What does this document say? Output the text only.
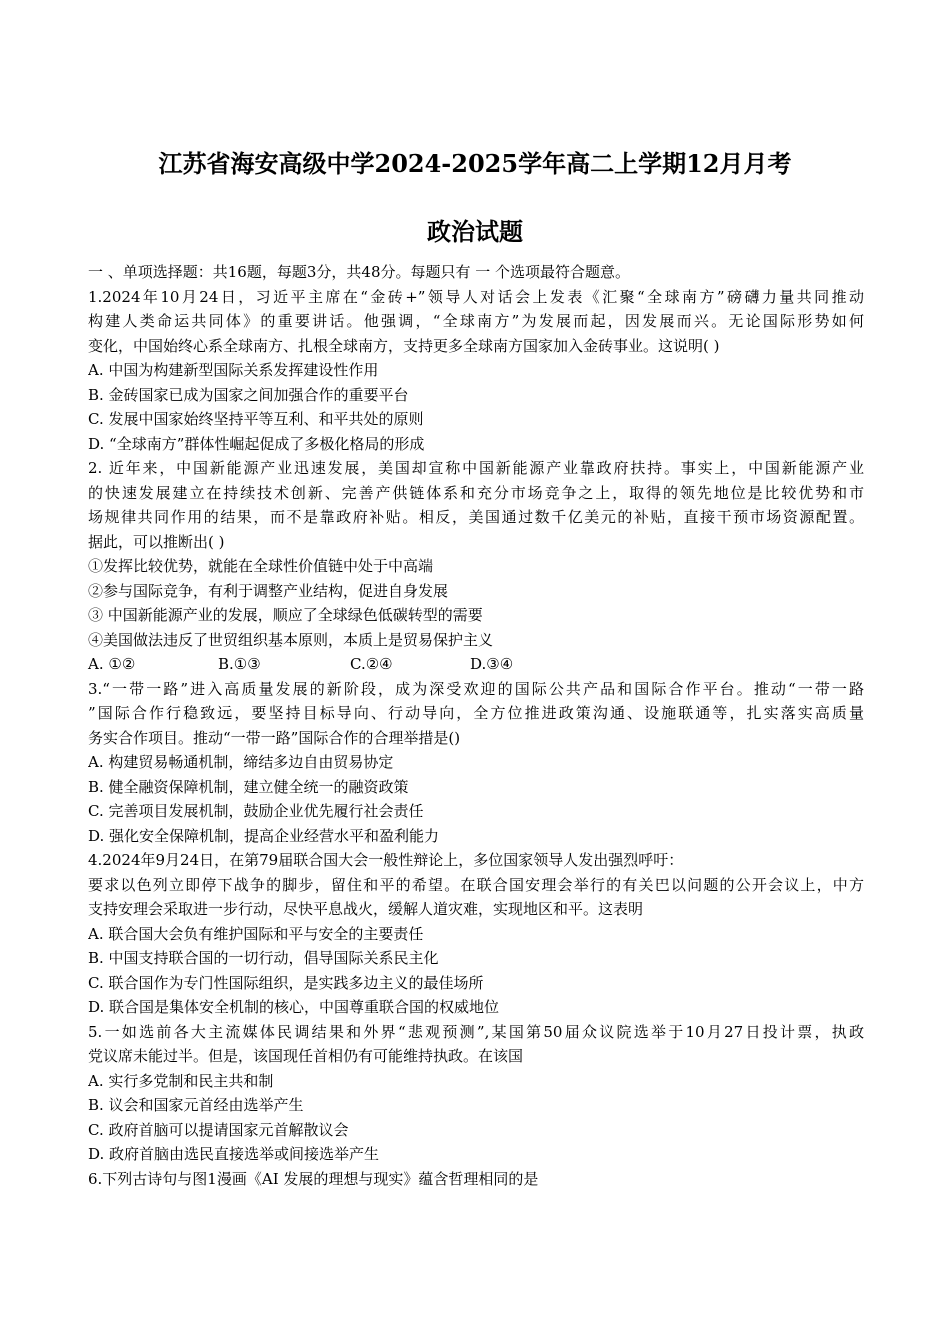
江苏省海安高级中学2024-2025学年高二上学期12月月考
政治试题
一 、单项选择题：共16题，每题3分，共48分。每题只有 一 个选项最符合题意。
1.2024年10月24日，习近平主席在“金砖+”领导人对话会上发表《汇聚“全球南方”磅礴力量共同推动
构建人类命运共同体》的重要讲话。他强调，“全球南方”为发展而起，因发展而兴。无论国际形势如何
变化，中国始终心系全球南方、扎根全球南方，支持更多全球南方国家加入金砖事业。这说明( )
A. 中国为构建新型国际关系发挥建设性作用
B. 金砖国家已成为国家之间加强合作的重要平台
C. 发展中国家始终坚持平等互利、和平共处的原则
D. “全球南方”群体性崛起促成了多极化格局的形成
2. 近年来，中国新能源产业迅速发展，美国却宣称中国新能源产业靠政府扶持。事实上，中国新能源产业
的快速发展建立在持续技术创新、完善产供链体系和充分市场竞争之上，取得的领先地位是比较优势和市
场规律共同作用的结果，而不是靠政府补贴。相反，美国通过数千亿美元的补贴，直接干预市场资源配置。
据此，可以推断出( )
①发挥比较优势，就能在全球性价值链中处于中高端
②参与国际竞争，有利于调整产业结构，促进自身发展
③ 中国新能源产业的发展，顺应了全球绿色低碳转型的需要
④美国做法违反了世贸组织基本原则，本质上是贸易保护主义
A. ①②	B.①③	C.②④	D.③④
3.“一带一路”进入高质量发展的新阶段，成为深受欢迎的国际公共产品和国际合作平台。推动“一带一路
”国际合作行稳致远，要坚持目标导向、行动导向，全方位推进政策沟通、设施联通等，扎实落实高质量
务实合作项目。推动“一带一路”国际合作的合理举措是()
A. 构建贸易畅通机制，缔结多边自由贸易协定
B. 健全融资保障机制，建立健全统一的融资政策
C. 完善项目发展机制，鼓励企业优先履行社会责任
D. 强化安全保障机制，提高企业经营水平和盈利能力
4.2024年9月24日，在第79届联合国大会一般性辩论上，多位国家领导人发出强烈呼吁：
要求以色列立即停下战争的脚步，留住和平的希望。在联合国安理会举行的有关巴以问题的公开会议上，中方
支持安理会采取进一步行动，尽快平息战火，缓解人道灾难，实现地区和平。这表明
A. 联合国大会负有维护国际和平与安全的主要责任
B. 中国支持联合国的一切行动，倡导国际关系民主化
C. 联合国作为专门性国际组织，是实践多边主义的最佳场所
D. 联合国是集体安全机制的核心，中国尊重联合国的权威地位
5.一如选前各大主流媒体民调结果和外界“悲观预测”,某国第50届众议院选举于10月27日投计票，执政
党议席未能过半。但是，该国现任首相仍有可能维持执政。在该国
A. 实行多党制和民主共和制
B. 议会和国家元首经由选举产生
C. 政府首脑可以提请国家元首解散议会
D. 政府首脑由选民直接选举或间接选举产生
6.下列古诗句与图1漫画《AI 发展的理想与现实》蕴含哲理相同的是
